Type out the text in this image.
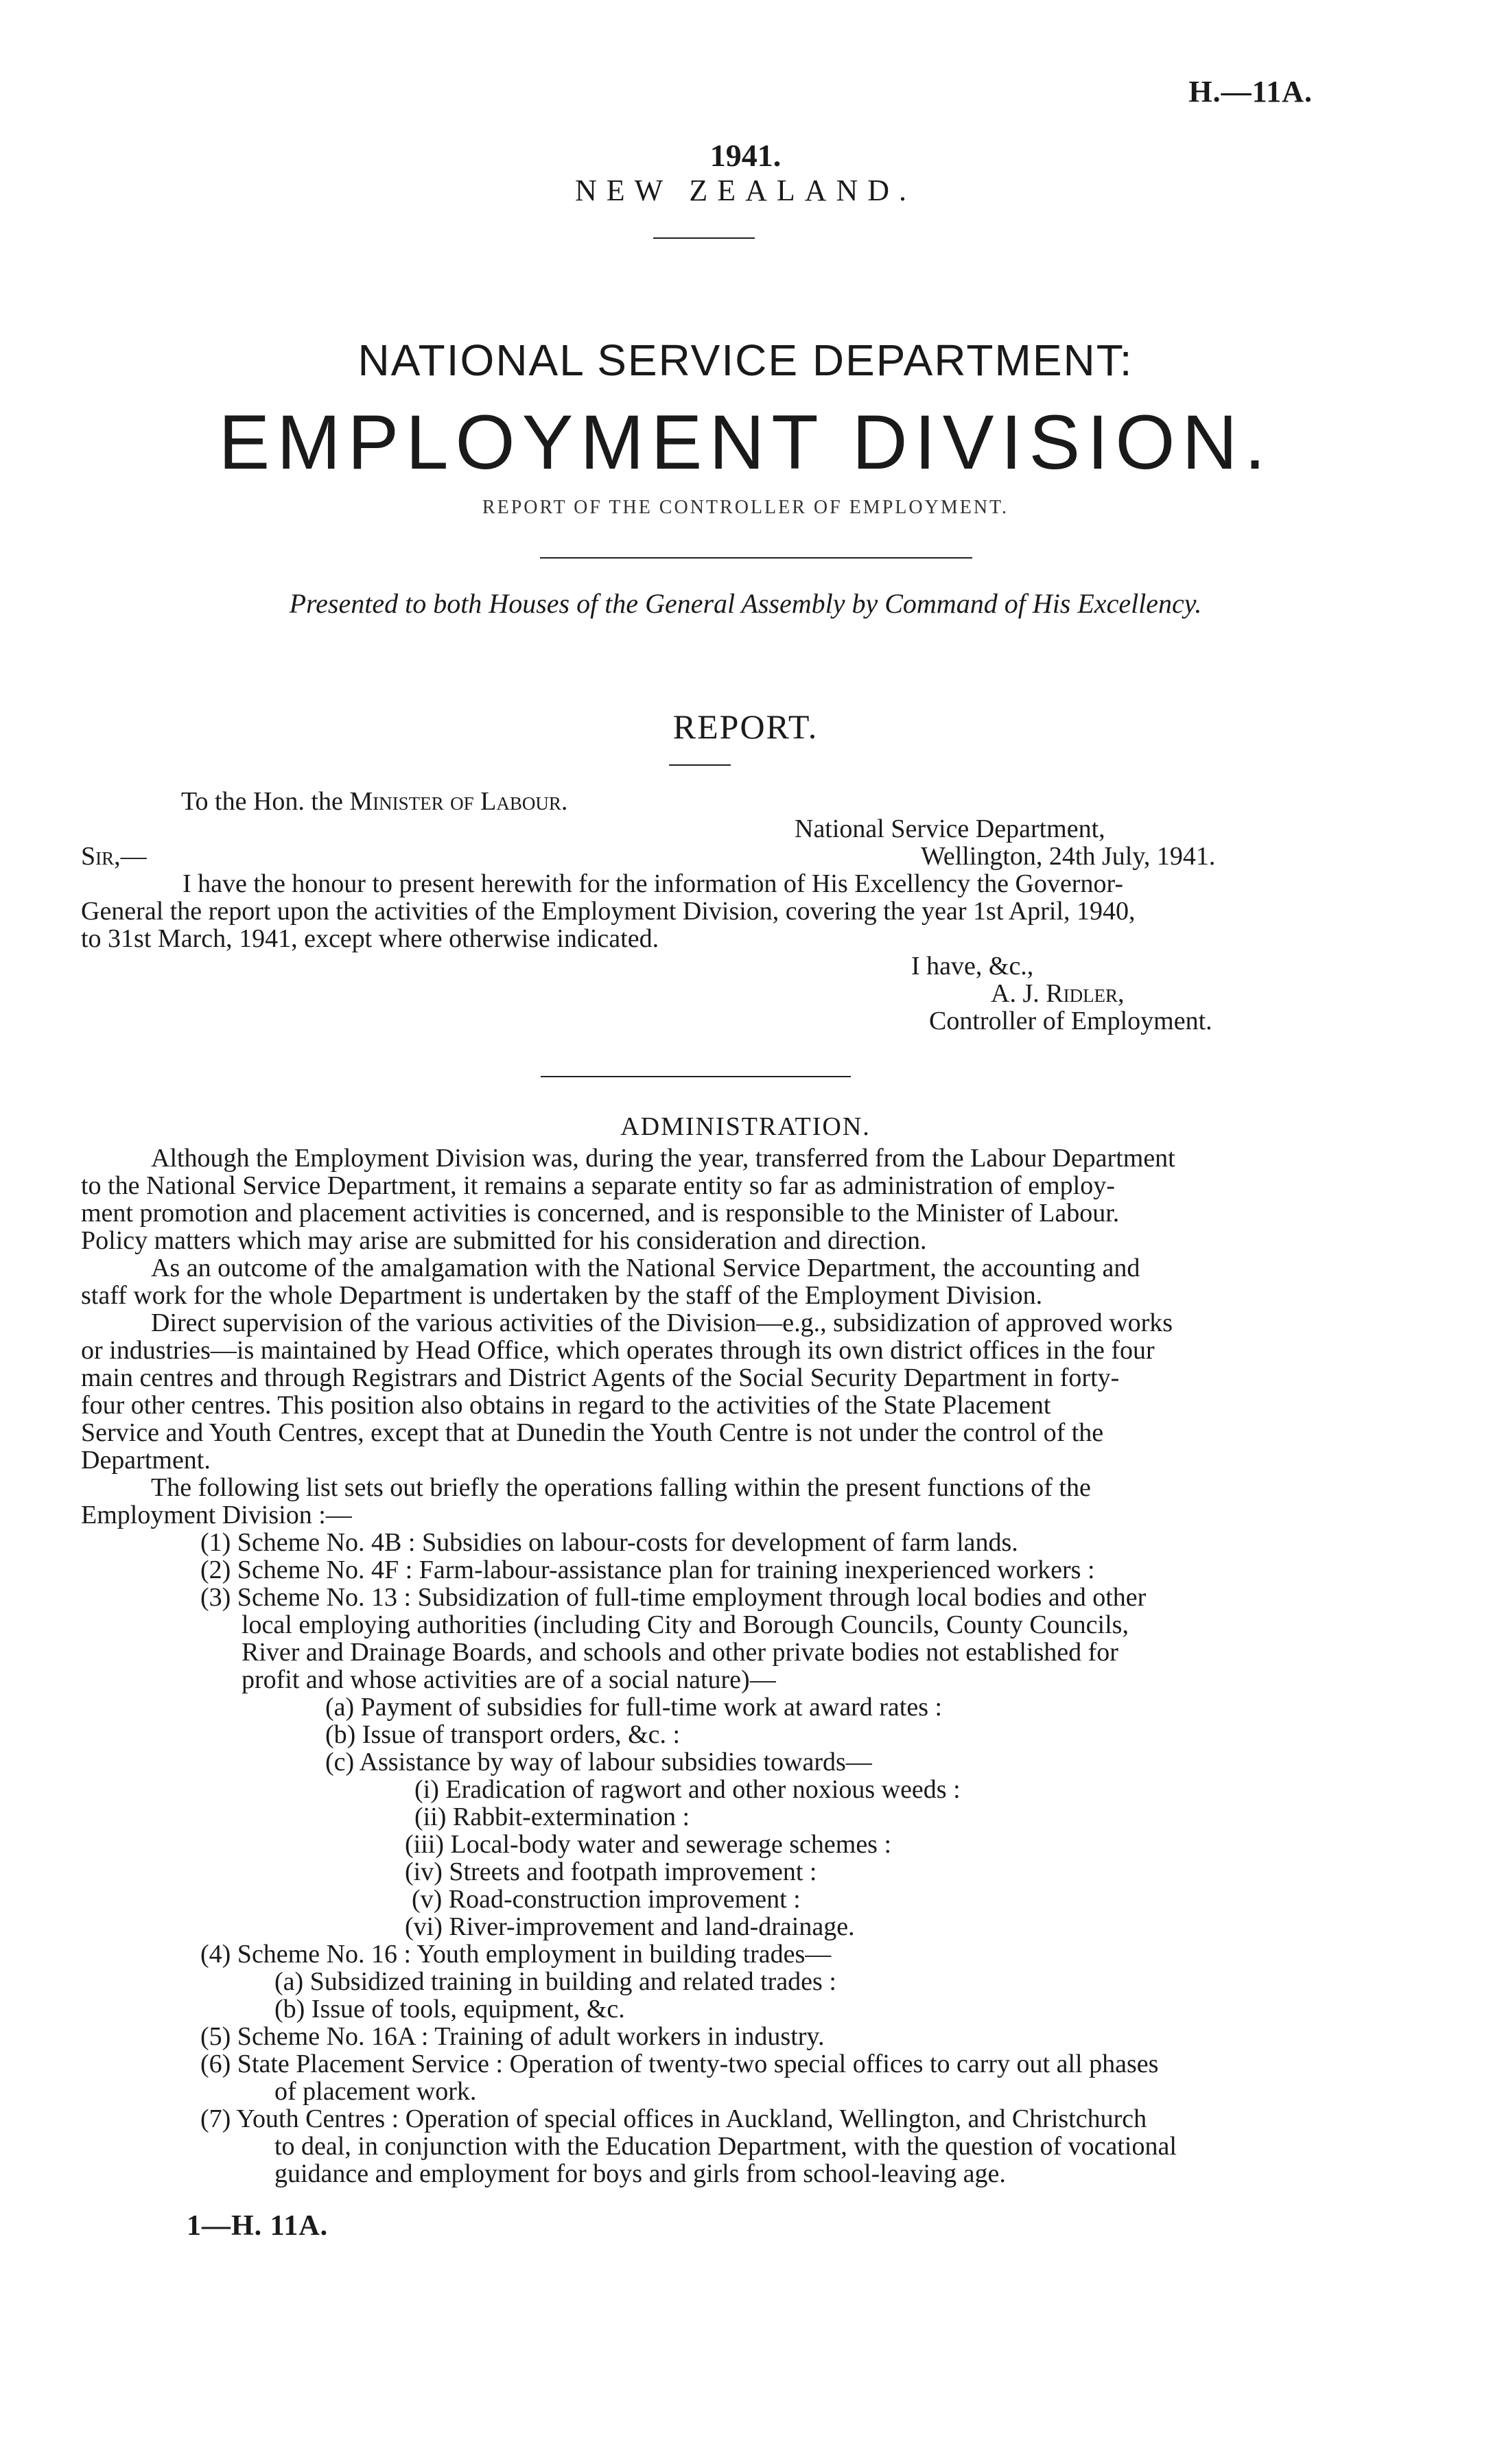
H.—11A.
1941.
NEW ZEALAND.
NATIONAL SERVICE DEPARTMENT:
EMPLOYMENT DIVISION.
REPORT OF THE CONTROLLER OF EMPLOYMENT.
Presented to both Houses of the General Assembly by Command of His Excellency.
REPORT.
To the Hon. the Minister of Labour.
National Service Department,
Sir,—	Wellington, 24th July, 1941.
I have the honour to present herewith for the information of His Excellency the Governor-
General the report upon the activities of the Employment Division, covering the year 1st April, 1940,
to 31st March, 1941, except where otherwise indicated.
I have, &c.,
A. J. Ridler,
Controller of Employment.
ADMINISTRATION.
Although the Employment Division was, during the year, transferred from the Labour Department
to the National Service Department, it remains a separate entity so far as administration of employ-
ment promotion and placement activities is concerned, and is responsible to the Minister of Labour.
Policy matters which may arise are submitted for his consideration and direction.
As an outcome of the amalgamation with the National Service Department, the accounting and
staff work for the whole Department is undertaken by the staff of the Employment Division.
Direct supervision of the various activities of the Division—e.g., subsidization of approved works
or industries—is maintained by Head Office, which operates through its own district offices in the four
main centres and through Registrars and District Agents of the Social Security Department in forty-
four other centres. This position also obtains in regard to the activities of the State Placement
Service and Youth Centres, except that at Dunedin the Youth Centre is not under the control of the
Department.
The following list sets out briefly the operations falling within the present functions of the
Employment Division :—
(1) Scheme No. 4B : Subsidies on labour-costs for development of farm lands.
(2) Scheme No. 4F : Farm-labour-assistance plan for training inexperienced workers :
(3) Scheme No. 13 : Subsidization of full-time employment through local bodies and other
local employing authorities (including City and Borough Councils, County Councils,
River and Drainage Boards, and schools and other private bodies not established for
profit and whose activities are of a social nature)—
(a) Payment of subsidies for full-time work at award rates :
(b) Issue of transport orders, &c. :
(c) Assistance by way of labour subsidies towards—
(i) Eradication of ragwort and other noxious weeds :
(ii) Rabbit-extermination :
(iii) Local-body water and sewerage schemes :
(iv) Streets and footpath improvement :
(v) Road-construction improvement :
(vi) River-improvement and land-drainage.
(4) Scheme No. 16 : Youth employment in building trades—
(a) Subsidized training in building and related trades :
(b) Issue of tools, equipment, &c.
(5) Scheme No. 16A : Training of adult workers in industry.
(6) State Placement Service : Operation of twenty-two special offices to carry out all phases
of placement work.
(7) Youth Centres : Operation of special offices in Auckland, Wellington, and Christchurch
to deal, in conjunction with the Education Department, with the question of vocational
guidance and employment for boys and girls from school-leaving age.
1—H. 11A.
